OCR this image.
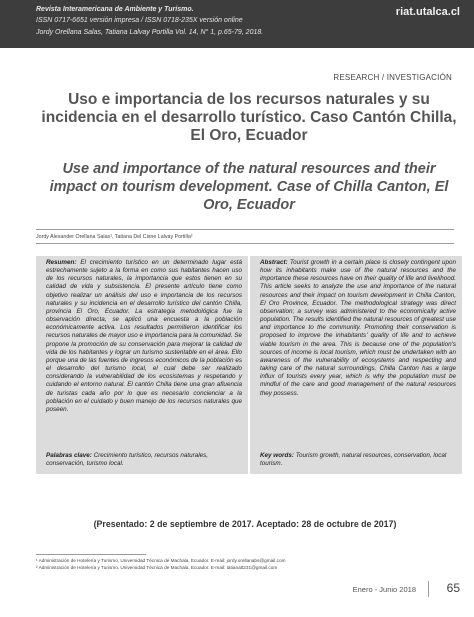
Revista Interamericana de Ambiente y Turismo.
ISSN 0717-6651 versión impresa / ISSN 0718-235X versión online
Jordy Orellana Salas, Tatiana Lalvay Portilla Vol. 14, N° 1, p.65-79, 2018.
riat.utalca.cl
RESEARCH / INVESTIGACIÓN
Uso e importancia de los recursos naturales y su incidencia en el desarrollo turístico. Caso Cantón Chilla, El Oro, Ecuador
Use and importance of the natural resources and their impact on tourism development. Case of Chilla Canton, El Oro, Ecuador
Jordy Alexander Orellana Salas¹, Tatiana Del Cisne Lalvay Portilla²
Resumen: El crecimiento turístico en un determinado lugar está estrechamente sujeto a la forma en como sus habitantes hacen uso de los recursos naturales, la importancia que estos tienen en su calidad de vida y subsistencia. El presente artículo tiene como objetivo realizar un análisis del uso e importancia de los recursos naturales y su incidencia en el desarrollo turístico del cantón Chilla, provincia El Oro, Ecuador. La estrategia metodológica fue la observación directa, se aplicó una encuesta a la población económicamente activa. Los resultados permitieron identificar los recursos naturales de mayor uso e importancia para la comunidad. Se propone la promoción de su conservación para mejorar la calidad de vida de los habitantes y lograr un turismo sustentable en el área. Ello porque una de las fuentes de ingresos económicos de la población es el desarrollo del turismo local, el cual debe ser realizado considerando la vulnerabilidad de los ecosistemas y respetando y cuidando el entorno natural. El cantón Chilla tiene una gran afluencia de turistas cada año por lo que es necesario concienciar a la población en el cuidado y buen manejo de los recursos naturales que poseen.
Palabras clave: Crecimiento turístico, recursos naturales, conservación, turismo local.
Abstract: Tourist growth in a certain place is closely contingent upon how its inhabitants make use of the natural resources and the importance these resources have on their quality of life and livelihood. This article seeks to analyze the use and importance of the natural resources and their impact on tourism development in Chilla Canton, El Oro Province, Ecuador. The methodological strategy was direct observation; a survey was administered to the economically active population. The results identified the natural resources of greatest use and importance to the community. Promoting their conservation is proposed to improve the inhabitants' quality of life and to achieve viable tourism in the area. This is because one of the population's sources of income is local tourism, which must be undertaken with an awareness of the vulnerability of ecosystems and respecting and taking care of the natural surroundings. Chilla Canton has a large influx of tourists every year, which is why the population must be mindful of the care and good management of the natural resources they possess.
Key words: Tourism growth, natural resources, conservation, local tourism.
(Presentado: 2 de septiembre de 2017. Aceptado: 28 de octubre de 2017)
¹ Administración de Hotelería y Turismo, Universidad Técnica de Machala, Ecuador. E-mail: jordy.orellanabs@gmail.com
² Administración de Hotelería y Turismo, Universidad Técnica de Machala, Ecuador. E-mail: tatianatt231@gmail.com
Enero - Junio 2018	65
